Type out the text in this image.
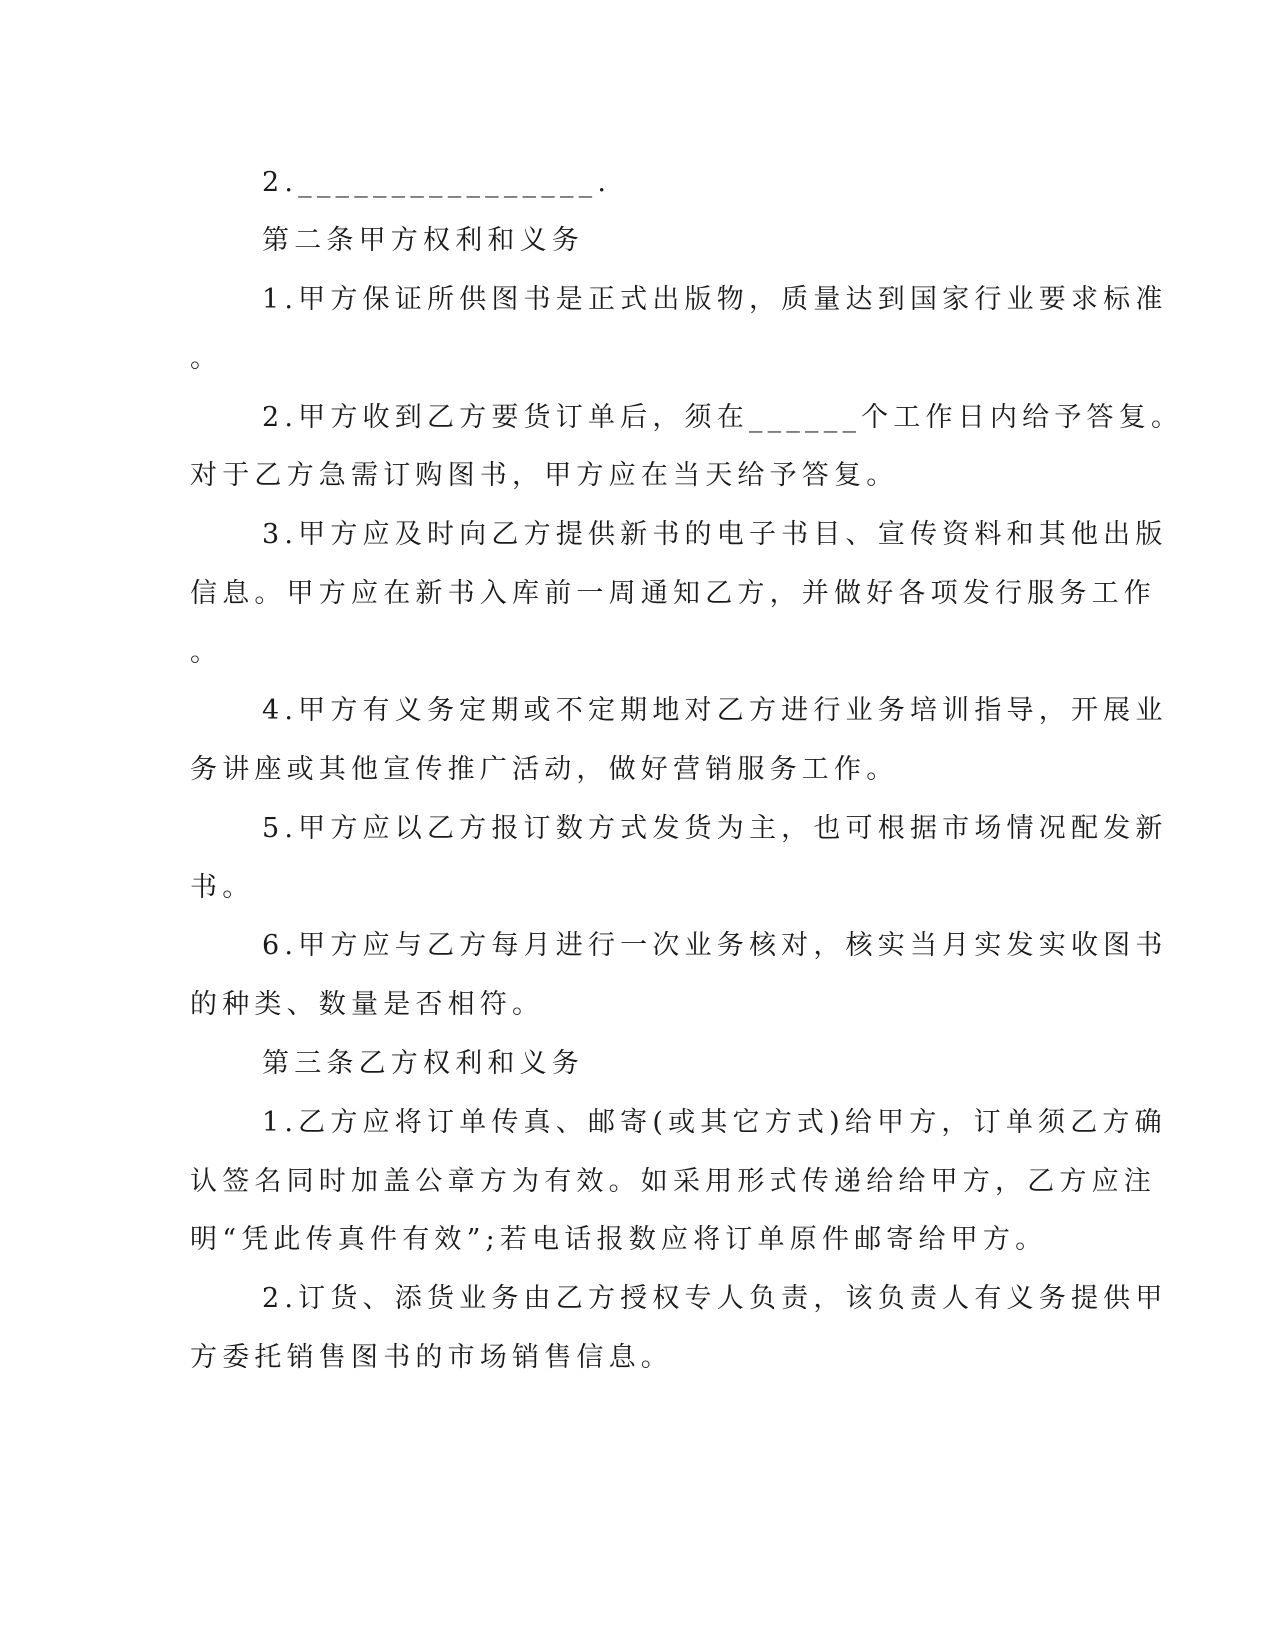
2.________________.
第二条甲方权利和义务
1.甲方保证所供图书是正式出版物，质量达到国家行业要求标准
。
2.甲方收到乙方要货订单后，须在______个工作日内给予答复。
对于乙方急需订购图书，甲方应在当天给予答复。
3.甲方应及时向乙方提供新书的电子书目、宣传资料和其他出版
信息。甲方应在新书入库前一周通知乙方，并做好各项发行服务工作
。
4.甲方有义务定期或不定期地对乙方进行业务培训指导，开展业
务讲座或其他宣传推广活动，做好营销服务工作。
5.甲方应以乙方报订数方式发货为主，也可根据市场情况配发新
书。
6.甲方应与乙方每月进行一次业务核对，核实当月实发实收图书
的种类、数量是否相符。
第三条乙方权利和义务
1.乙方应将订单传真、邮寄(或其它方式)给甲方，订单须乙方确
认签名同时加盖公章方为有效。如采用形式传递给给甲方，乙方应注
明“凭此传真件有效”;若电话报数应将订单原件邮寄给甲方。
2.订货、添货业务由乙方授权专人负责，该负责人有义务提供甲
方委托销售图书的市场销售信息。
